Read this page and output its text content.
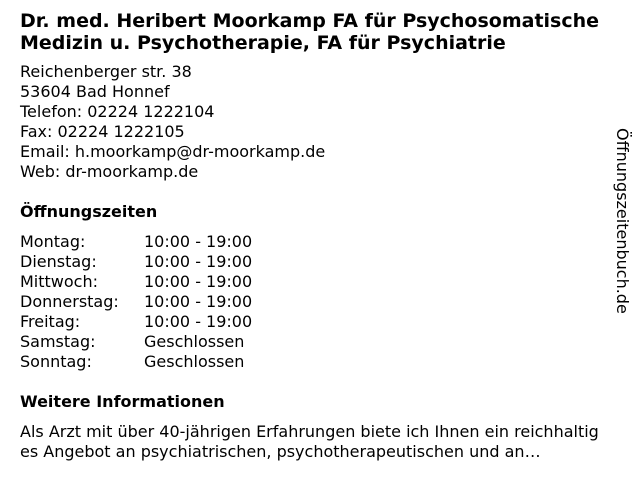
Dr. med. Heribert Moorkamp FA für Psychosomatische Medizin u. Psychotherapie, FA für Psychiatrie
Reichenberger str. 38
53604 Bad Honnef
Telefon: 02224 1222104
Fax: 02224 1222105
Email: h.moorkamp@dr-moorkamp.de
Web: dr-moorkamp.de
Öffnungszeiten
Montag:	10:00 - 19:00
Dienstag:	10:00 - 19:00
Mittwoch:	10:00 - 19:00
Donnerstag:	10:00 - 19:00
Freitag:	10:00 - 19:00
Samstag:	Geschlossen
Sonntag:	Geschlossen
Weitere Informationen
Als Arzt mit über 40-jährigen Erfahrungen biete ich Ihnen ein reichhaltiges Angebot an psychiatrischen, psychotherapeutischen und an…
Öffnungszeitenbuch.de
